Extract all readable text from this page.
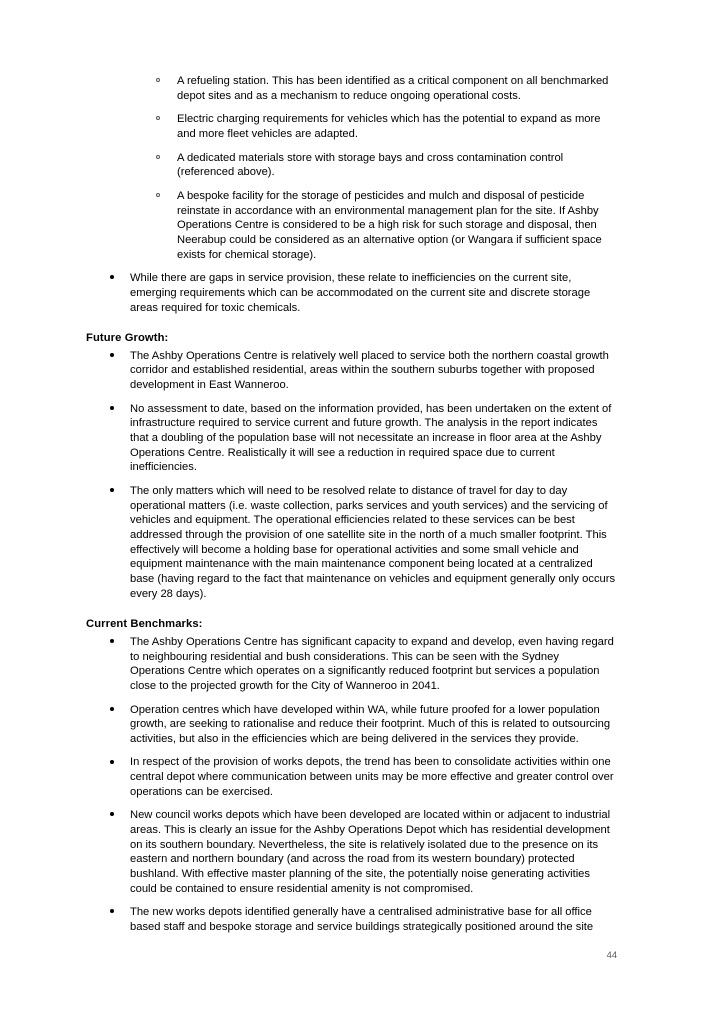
A refueling station. This has been identified as a critical component on all benchmarked depot sites and as a mechanism to reduce ongoing operational costs.
Electric charging requirements for vehicles which has the potential to expand as more and more fleet vehicles are adapted.
A dedicated materials store with storage bays and cross contamination control (referenced above).
A bespoke facility for the storage of pesticides and mulch and disposal of pesticide reinstate in accordance with an environmental management plan for the site. If Ashby Operations Centre is considered to be a high risk for such storage and disposal, then Neerabup could be considered as an alternative option (or Wangara if sufficient space exists for chemical storage).
While there are gaps in service provision, these relate to inefficiencies on the current site, emerging requirements which can be accommodated on the current site and discrete storage areas required for toxic chemicals.
Future Growth:
The Ashby Operations Centre is relatively well placed to service both the northern coastal growth corridor and established residential, areas within the southern suburbs together with proposed development in East Wanneroo.
No assessment to date, based on the information provided, has been undertaken on the extent of infrastructure required to service current and future growth. The analysis in the report indicates that a doubling of the population base will not necessitate an increase in floor area at the Ashby Operations Centre. Realistically it will see a reduction in required space due to current inefficiencies.
The only matters which will need to be resolved relate to distance of travel for day to day operational matters (i.e. waste collection, parks services and youth services) and the servicing of vehicles and equipment. The operational efficiencies related to these services can be best addressed through the provision of one satellite site in the north of a much smaller footprint. This effectively will become a holding base for operational activities and some small vehicle and equipment maintenance with the main maintenance component being located at a centralized base (having regard to the fact that maintenance on vehicles and equipment generally only occurs every 28 days).
Current Benchmarks:
The Ashby Operations Centre has significant capacity to expand and develop, even having regard to neighbouring residential and bush considerations. This can be seen with the Sydney Operations Centre which operates on a significantly reduced footprint but services a population close to the projected growth for the City of Wanneroo in 2041.
Operation centres which have developed within WA, while future proofed for a lower population growth, are seeking to rationalise and reduce their footprint. Much of this is related to outsourcing activities, but also in the efficiencies which are being delivered in the services they provide.
In respect of the provision of works depots, the trend has been to consolidate activities within one central depot where communication between units may be more effective and greater control over operations can be exercised.
New council works depots which have been developed are located within or adjacent to industrial areas. This is clearly an issue for the Ashby Operations Depot which has residential development on its southern boundary. Nevertheless, the site is relatively isolated due to the presence on its eastern and northern boundary (and across the road from its western boundary) protected bushland. With effective master planning of the site, the potentially noise generating activities could be contained to ensure residential amenity is not compromised.
The new works depots identified generally have a centralised administrative base for all office based staff and bespoke storage and service buildings strategically positioned around the site
44
